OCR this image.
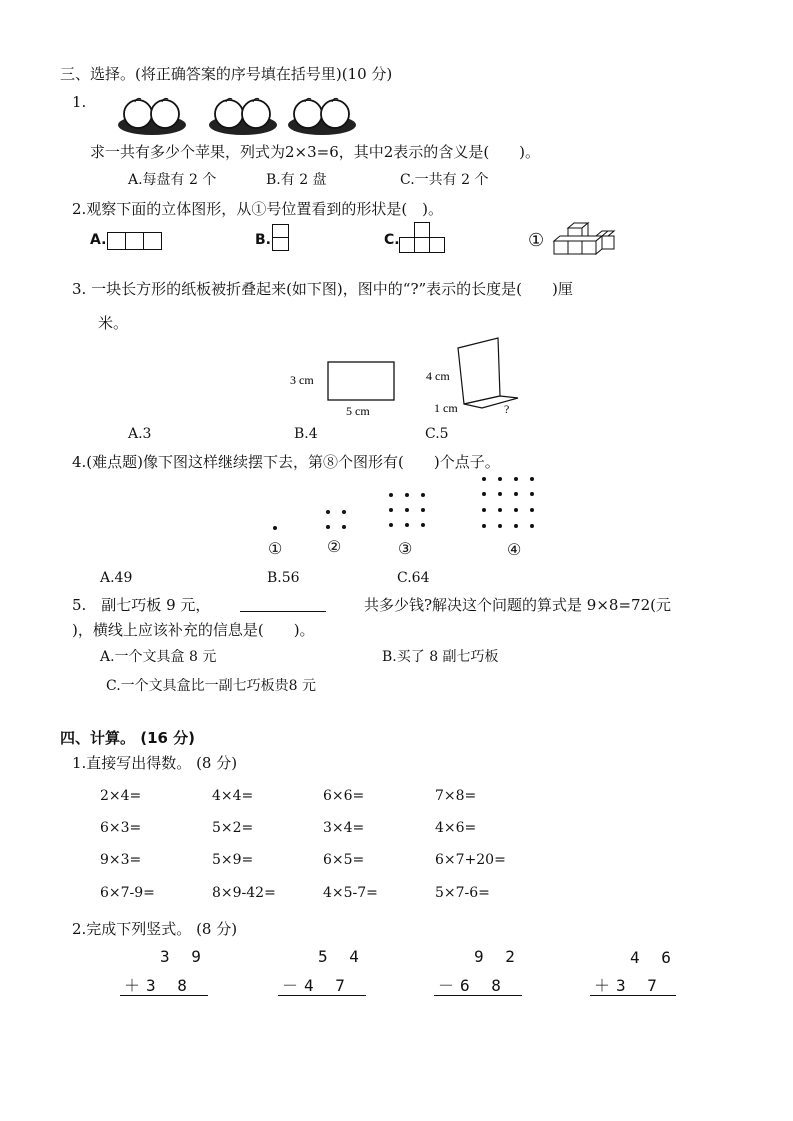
三、选择。(将正确答案的序号填在括号里)(10 分)
1.
求一共有多少个苹果，列式为2×3=6，其中2表示的含义是(　　)。
A.每盘有 2 个	B.有 2 盘	C.一共有 2 个
2.观察下面的立体图形，从①号位置看到的形状是(　)。
A.	B.	C.	①
3. 一块长方形的纸板被折叠起来(如下图)，图中的“?”表示的长度是(　　)厘
米。
3 cm
5 cm
4 cm
1 cm	?
A.3	B.4	C.5
4.(难点题)像下图这样继续摆下去，第⑧个图形有(　　)个点子。
①	②	③	④
A.49	B.56	C.64
5.　副七巧板 9 元，	共多少钱?解决这个问题的算式是 9×8=72(元
)，横线上应该补充的信息是(　　)。
A.一个文具盒 8 元	B.买了 8 副七巧板
C.一个文具盒比一副七巧板贵8 元
四、计算。 (16 分)
1.直接写出得数。 (8 分)
2×4=	4×4=	6×6=	7×8=
6×3=	5×2=	3×4=	4×6=
9×3=	5×9=	6×5=	6×7+20=
6×7-9=	8×9-42=	4×5-7=	5×7-6=
2.完成下列竖式。 (8 分)
3 9
＋3 8
5 4
－4 7
9 2
－6 8
4 6
＋3 7
